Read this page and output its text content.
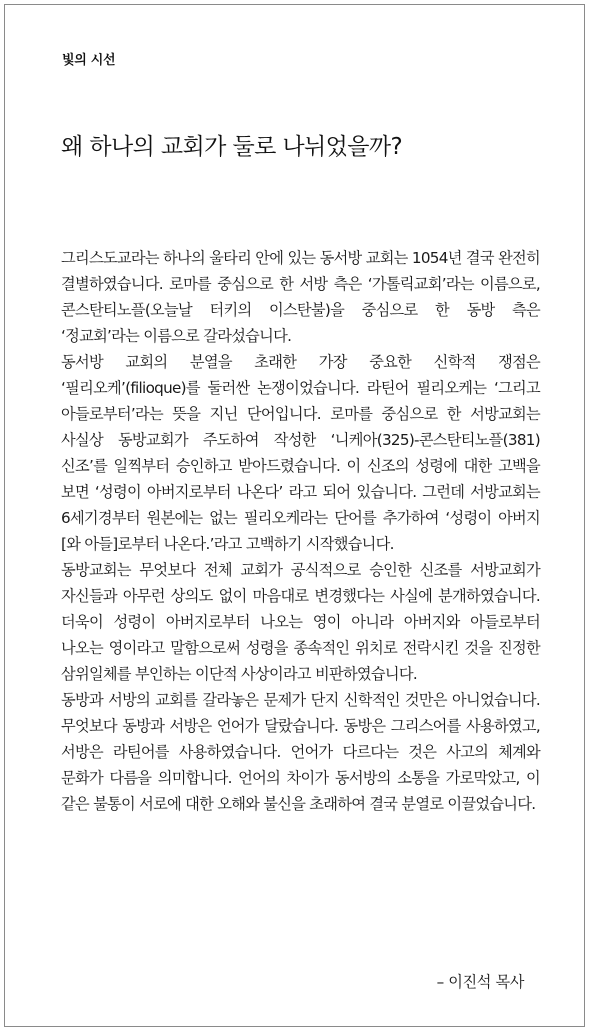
빛의 시선
왜 하나의 교회가 둘로 나뉘었을까?

그리스도교라는 하나의 울타리 안에 있는 동서방 교회는 1054년 결국 완전히 결별하였습니다. 로마를 중심으로 한 서방 측은 ‘가톨릭교회’라는 이름으로, 콘스탄티노플(오늘날 터키의 이스탄불)을 중심으로 한 동방 측은 ‘정교회’라는 이름으로 갈라섰습니다.

동서방 교회의 분열을 초래한 가장 중요한 신학적 쟁점은 ‘필리오케’(filioque)를 둘러싼 논쟁이었습니다. 라틴어 필리오케는 ‘그리고 아들로부터’라는 뜻을 지닌 단어입니다. 로마를 중심으로 한 서방교회는 사실상 동방교회가 주도하여 작성한 ‘니케아(325)-콘스탄티노플(381) 신조’를 일찍부터 승인하고 받아드렸습니다. 이 신조의 성령에 대한 고백을 보면 ‘성령이 아버지로부터 나온다’ 라고 되어 있습니다. 그런데 서방교회는 6세기경부터 원본에는 없는 필리오케라는 단어를 추가하여 ‘성령이 아버지[와 아들]로부터 나온다.’라고 고백하기 시작했습니다.

동방교회는 무엇보다 전체 교회가 공식적으로 승인한 신조를 서방교회가 자신들과 아무런 상의도 없이 마음대로 변경했다는 사실에 분개하였습니다. 더욱이 성령이 아버지로부터 나오는 영이 아니라 아버지와 아들로부터 나오는 영이라고 말함으로써 성령을 종속적인 위치로 전락시킨 것을 진정한 삼위일체를 부인하는 이단적 사상이라고 비판하였습니다.

동방과 서방의 교회를 갈라놓은 문제가 단지 신학적인 것만은 아니었습니다. 무엇보다 동방과 서방은 언어가 달랐습니다. 동방은 그리스어를 사용하였고, 서방은 라틴어를 사용하였습니다. 언어가 다르다는 것은 사고의 체계와 문화가 다름을 의미합니다. 언어의 차이가 동서방의 소통을 가로막았고, 이 같은 불통이 서로에 대한 오해와 불신을 초래하여 결국 분열로 이끌었습니다.

– 이진석 목사
